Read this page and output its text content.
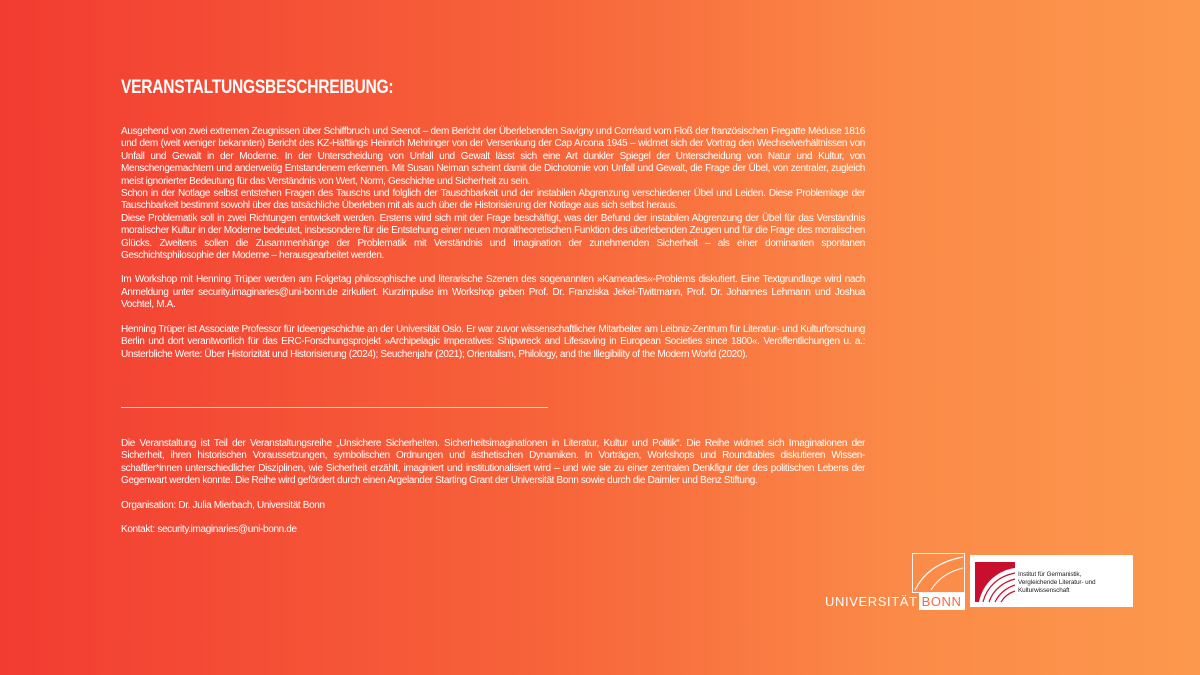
VERANSTALTUNGSBESCHREIBUNG:

Ausgehend von zwei extremen Zeugnissen über Schiffbruch und Seenot – dem Bericht der Überlebenden Savigny und Corréard vom Floß der französischen Fregatte Méduse 1816 und dem (weit weniger bekannten) Bericht des KZ-Häftlings Heinrich Mehringer von der Versenkung der Cap Arcona 1945 – widmet sich der Vortrag den Wechselverhältnissen von Unfall und Gewalt in der Moderne. In der Unterscheidung von Unfall und Gewalt lässt sich eine Art dunkler Spiegel der Unterscheidung von Natur und Kultur, von Menschengemachtem und anderweitig Entstandenem erkennen. Mit Susan Neiman scheint damit die Dichotomie von Unfall und Gewalt, die Frage der Übel, von zentraler, zugleich meist ignorierter Bedeutung für das Verständnis von Wert, Norm, Geschichte und Sicherheit zu sein.

Schon in der Notlage selbst entstehen Fragen des Tauschs und folglich der Tauschbarkeit und der instabilen Abgrenzung verschiedener Übel und Leiden. Diese Problemlage der Tauschbarkeit bestimmt sowohl über das tatsächliche Überleben mit als auch über die Historisierung der Notlage aus sich selbst heraus.

Diese Problematik soll in zwei Richtungen entwickelt werden. Erstens wird sich mit der Frage beschäftigt, was der Befund der instabilen Abgrenzung der Übel für das Verständnis moralischer Kultur in der Moderne bedeutet, insbesondere für die Entstehung einer neuen moraltheoretischen Funktion des überlebenden Zeugen und für die Frage des moralischen Glücks. Zweitens sollen die Zusammenhänge der Problematik mit Verständnis und Imagination der zunehmenden Sicherheit – als einer dominanten spontanen Geschichtsphilosophie der Moderne – herausgearbeitet werden.

Im Workshop mit Henning Trüper werden am Folgetag philosophische und literarische Szenen des sogenannten »Karneades«-Problems diskutiert. Eine Textgrundlage wird nach Anmeldung unter security.imaginaries@uni-bonn.de zirkuliert. Kurzimpulse im Workshop geben Prof. Dr. Franziska Jekel-Twittmann, Prof. Dr. Johannes Lehmann und Joshua Vochtel, M.A.

Henning Trüper ist Associate Professor für Ideengeschichte an der Universität Oslo. Er war zuvor wissenschaftlicher Mitarbeiter am Leibniz-Zentrum für Literatur- und Kulturforschung Berlin und dort verantwortlich für das ERC-Forschungsprojekt »Archipelagic Imperatives: Shipwreck and Lifesaving in European Societies since 1800«. Veröffentlichungen u. a.: Unsterbliche Werte: Über Historizität und Historisierung (2024); Seuchenjahr (2021); Orientalism, Philology, and the Illegibility of the Modern World (2020).

Die Veranstaltung ist Teil der Veranstaltungsreihe „Unsichere Sicherheiten. Sicherheitsimaginationen in Literatur, Kultur und Politik“. Die Reihe widmet sich Imaginationen der Sicherheit, ihren historischen Voraussetzungen, symbolischen Ordnungen und ästhetischen Dynamiken. In Vorträgen, Workshops und Roundtables diskutieren Wissen-schaftler*innen unterschiedlicher Disziplinen, wie Sicherheit erzählt, imaginiert und institutionalisiert wird – und wie sie zu einer zentralen Denkfigur der des politischen Lebens der Gegenwart werden konnte. Die Reihe wird gefördert durch einen Argelander Starting Grant der Universität Bonn sowie durch die Daimler und Benz Stiftung.

Organisation: Dr. Julia Mierbach, Universität Bonn

Kontakt: security.imaginaries@uni-bonn.de

UNIVERSITÄT BONN
Institut für Germanistik,
Vergleichende Literatur- und
Kulturwissenschaft
